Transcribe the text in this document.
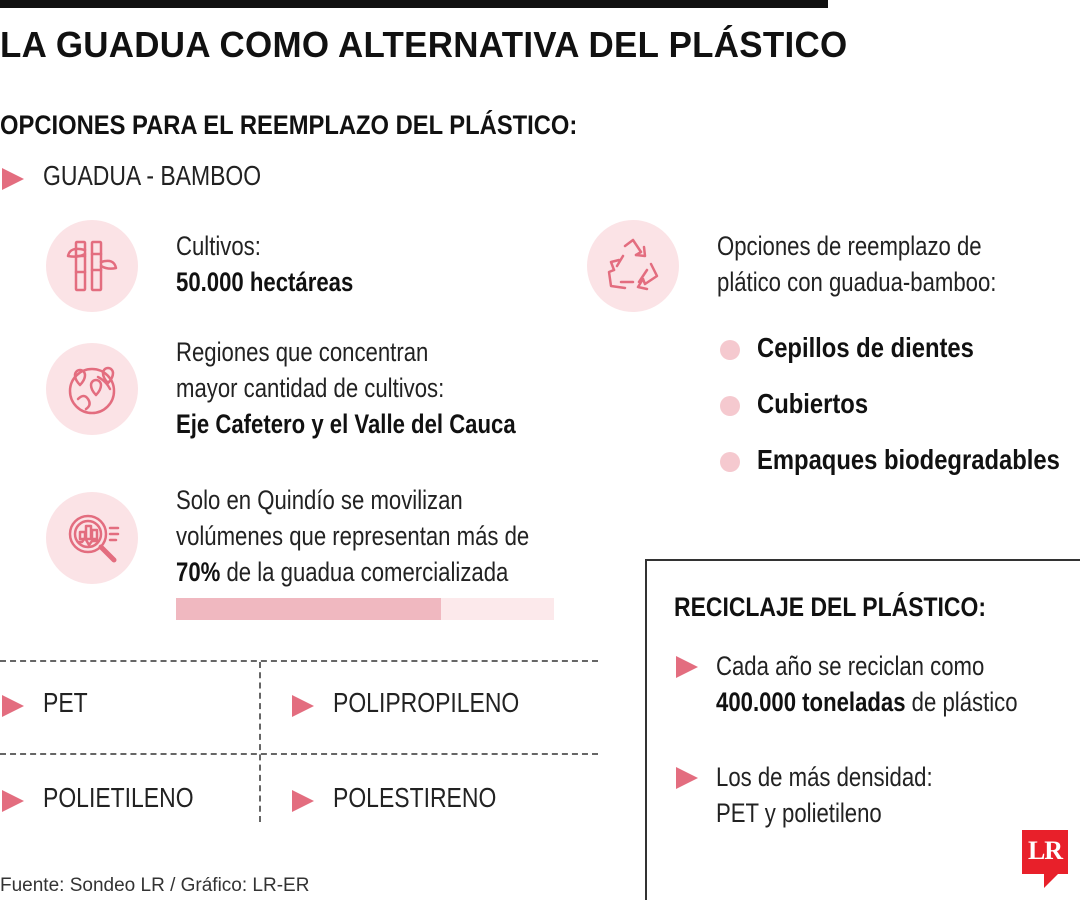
LA GUADUA COMO ALTERNATIVA DEL PLÁSTICO
OPCIONES PARA EL REEMPLAZO DEL PLÁSTICO:
GUADUA - BAMBOO
Cultivos:
50.000 hectáreas
Regiones que concentran
mayor cantidad de cultivos:
Eje Cafetero y el Valle del Cauca
Solo en Quindío se movilizan
volúmenes que representan más de
70% de la guadua comercializada
Opciones de reemplazo de
plático con guadua-bamboo:
Cepillos de dientes
Cubiertos
Empaques biodegradables
PET	POLIPROPILENO
POLIETILENO	POLESTIRENO
RECICLAJE DEL PLÁSTICO:
Cada año se reciclan como
400.000 toneladas de plástico
Los de más densidad:
PET y polietileno
Fuente: Sondeo LR / Gráfico: LR-ER
LR
